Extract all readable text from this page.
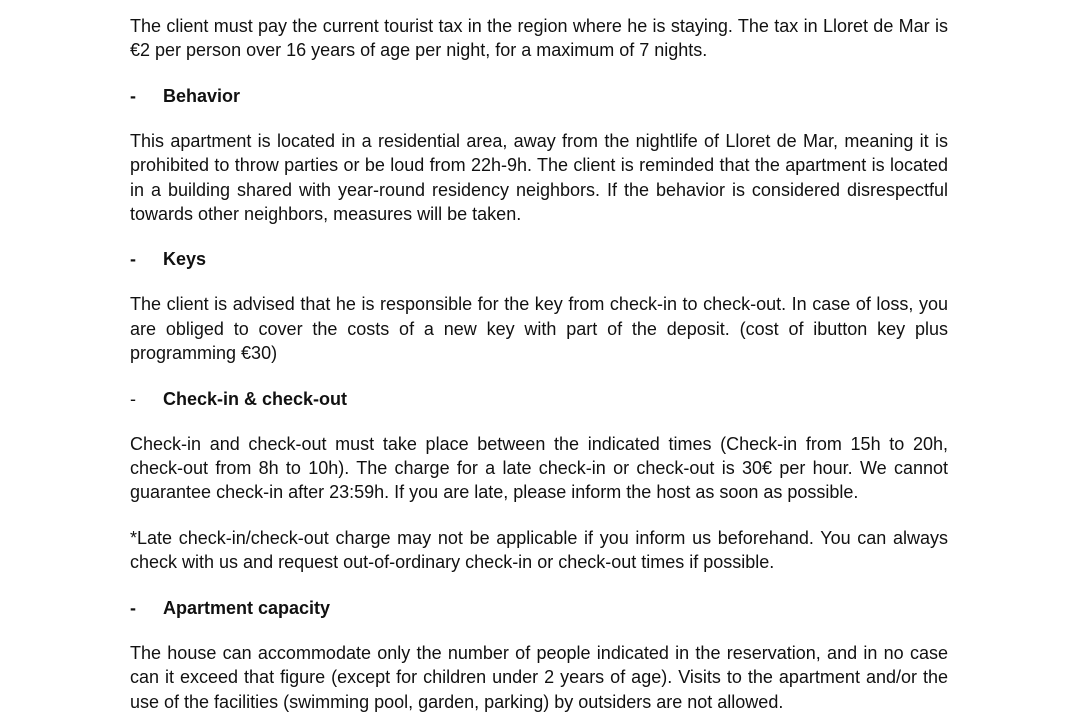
The client must pay the current tourist tax in the region where he is staying. The tax in Lloret de Mar is €2 per person over 16 years of age per night, for a maximum of 7 nights.

-	Behavior

This apartment is located in a residential area, away from the nightlife of Lloret de Mar, meaning it is prohibited to throw parties or be loud from 22h-9h. The client is reminded that the apartment is located in a building shared with year-round residency neighbors. If the behavior is considered disrespectful towards other neighbors, measures will be taken.

-	Keys

The client is advised that he is responsible for the key from check-in to check-out. In case of loss, you are obliged to cover the costs of a new key with part of the deposit. (cost of ibutton key plus programming €30)

-	Check-in & check-out

Check-in and check-out must take place between the indicated times (Check-in from 15h to 20h, check-out from 8h to 10h). The charge for a late check-in or check-out is 30€ per hour. We cannot guarantee check-in after 23:59h. If you are late, please inform the host as soon as possible.

*Late check-in/check-out charge may not be applicable if you inform us beforehand. You can always check with us and request out-of-ordinary check-in or check-out times if possible.

-	Apartment capacity

The house can accommodate only the number of people indicated in the reservation, and in no case can it exceed that figure (except for children under 2 years of age). Visits to the apartment and/or the use of the facilities (swimming pool, garden, parking) by outsiders are not allowed.
